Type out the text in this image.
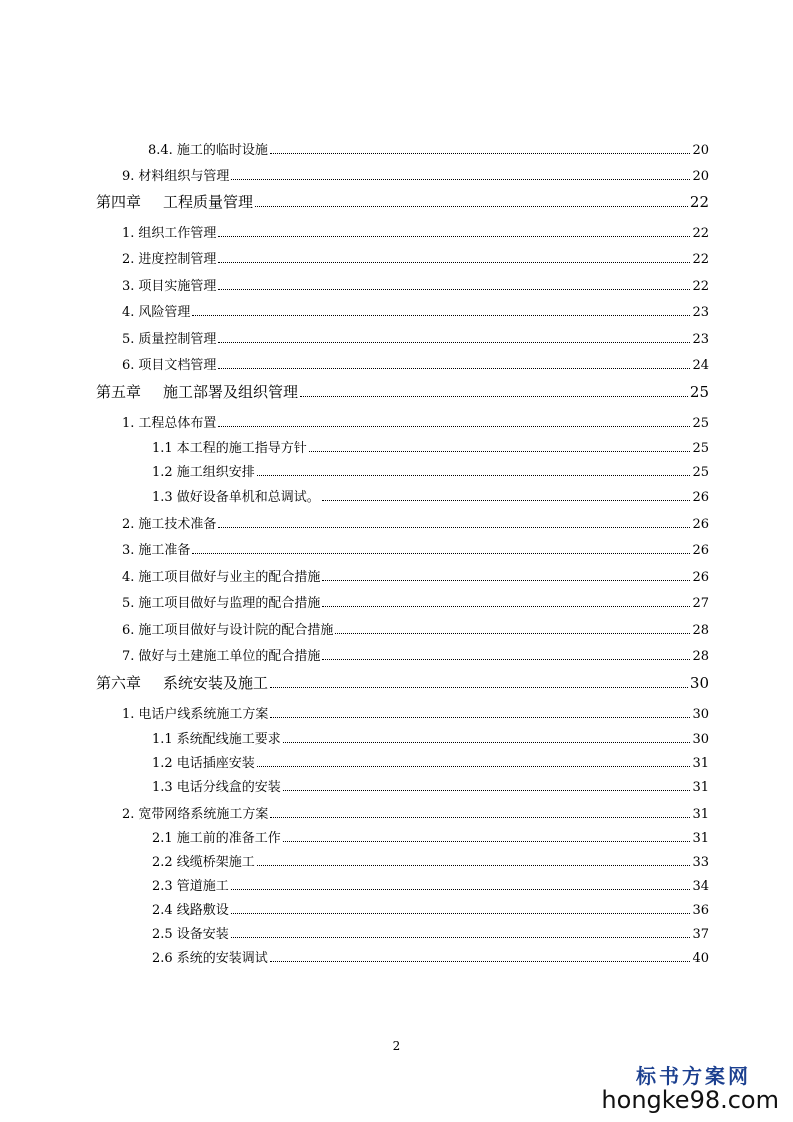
8.4. 施工的临时设施	20
9. 材料组织与管理	20
第四章 工程质量管理	22
1. 组织工作管理	22
2. 进度控制管理	22
3. 项目实施管理	22
4. 风险管理	23
5. 质量控制管理	23
6. 项目文档管理	24
第五章 施工部署及组织管理	25
1. 工程总体布置	25
1.1 本工程的施工指导方针	25
1.2 施工组织安排	25
1.3 做好设备单机和总调试。	26
2. 施工技术准备	26
3. 施工准备	26
4. 施工项目做好与业主的配合措施	26
5. 施工项目做好与监理的配合措施	27
6. 施工项目做好与设计院的配合措施	28
7. 做好与土建施工单位的配合措施	28
第六章 系统安装及施工	30
1. 电话户线系统施工方案	30
1.1 系统配线施工要求	30
1.2 电话插座安装	31
1.3 电话分线盒的安装	31
2. 宽带网络系统施工方案	31
2.1 施工前的准备工作	31
2.2 线缆桥架施工	33
2.3 管道施工	34
2.4 线路敷设	36
2.5 设备安装	37
2.6 系统的安装调试	40
2
标书方案网
hongke98.com
